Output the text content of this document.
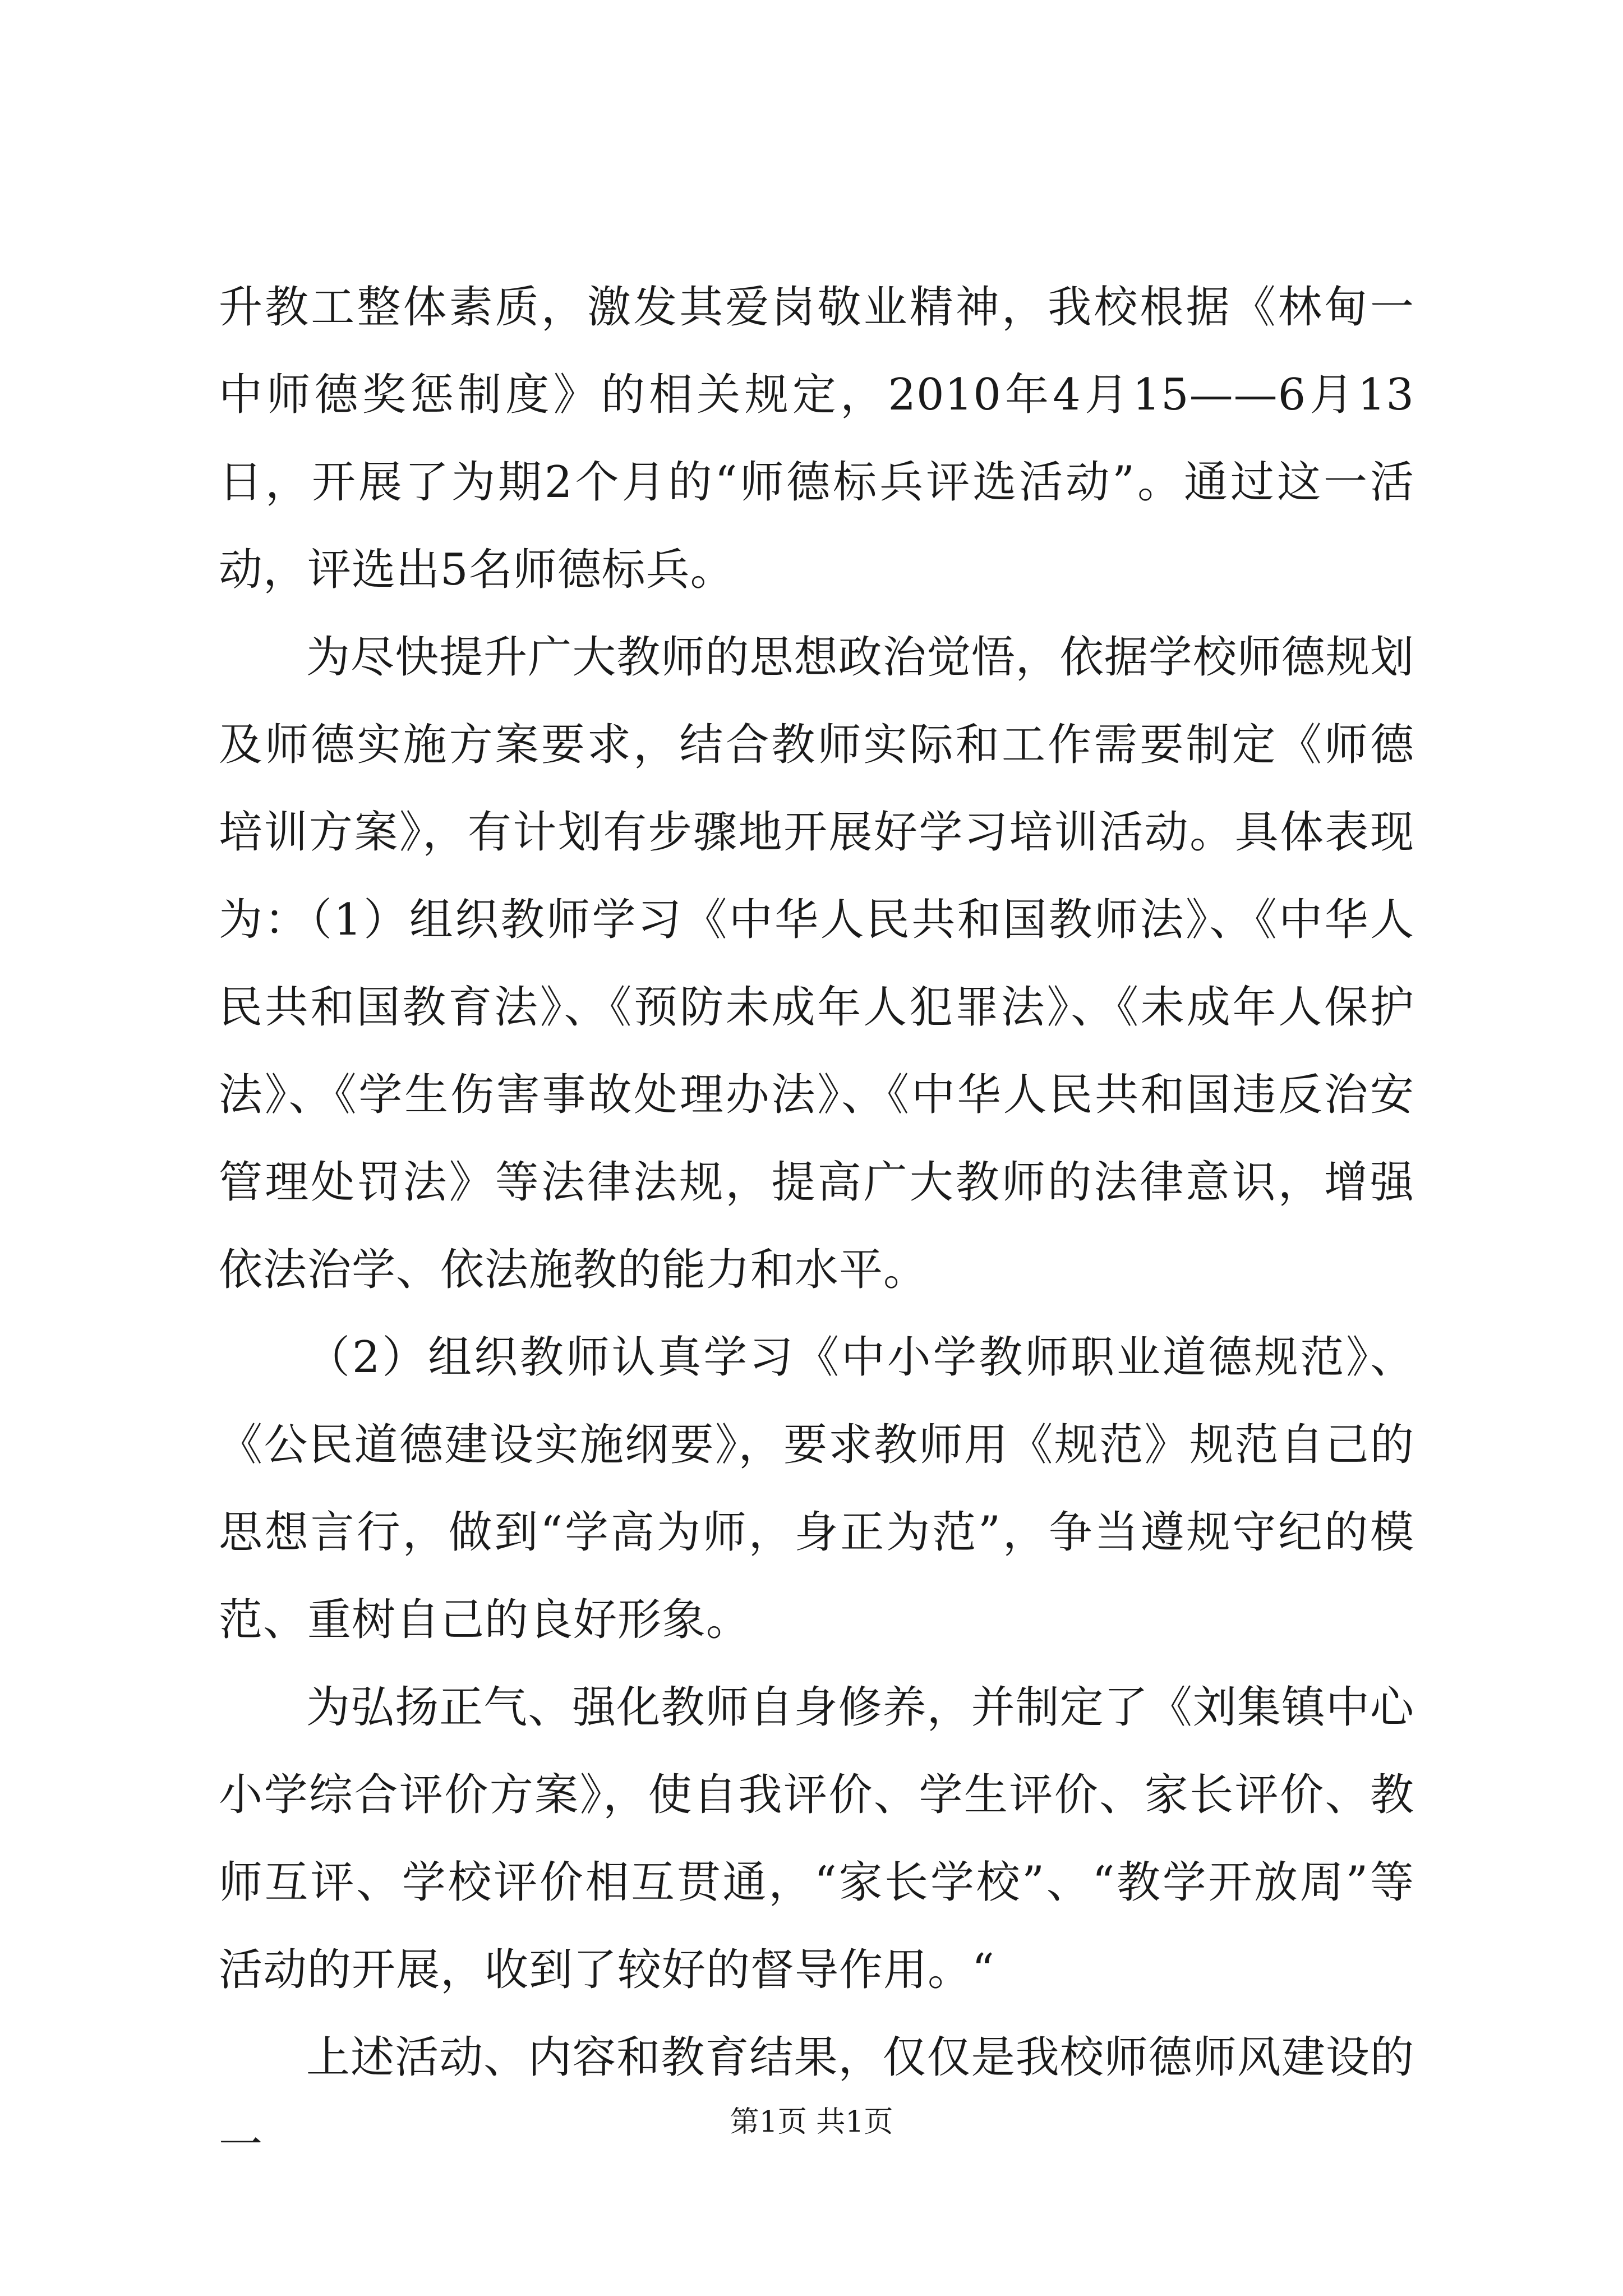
升教工整体素质，激发其爱岗敬业精神，我校根据《林甸一中师德奖惩制度》的相关规定，2010年4月15——6月13日，开展了为期2个月的“师德标兵评选活动”。通过这一活动，评选出5名师德标兵。

为尽快提升广大教师的思想政治觉悟，依据学校师德规划及师德实施方案要求，结合教师实际和工作需要制定《师德培训方案》，有计划有步骤地开展好学习培训活动。具体表现为：（1）组织教师学习《中华人民共和国教师法》、《中华人民共和国教育法》、《预防未成年人犯罪法》、《未成年人保护法》、《学生伤害事故处理办法》、《中华人民共和国违反治安管理处罚法》等法律法规，提高广大教师的法律意识，增强依法治学、依法施教的能力和水平。

（2）组织教师认真学习《中小学教师职业道德规范》、《公民道德建设实施纲要》，要求教师用《规范》规范自己的思想言行，做到“学高为师，身正为范”，争当遵规守纪的模范、重树自己的良好形象。

为弘扬正气、强化教师自身修养，并制定了《刘集镇中心小学综合评价方案》，使自我评价、学生评价、家长评价、教师互评、学校评价相互贯通，“家长学校”、“教学开放周”等活动的开展，收到了较好的督导作用。“

上述活动、内容和教育结果，仅仅是我校师德师风建设的一	第1页 共1页
